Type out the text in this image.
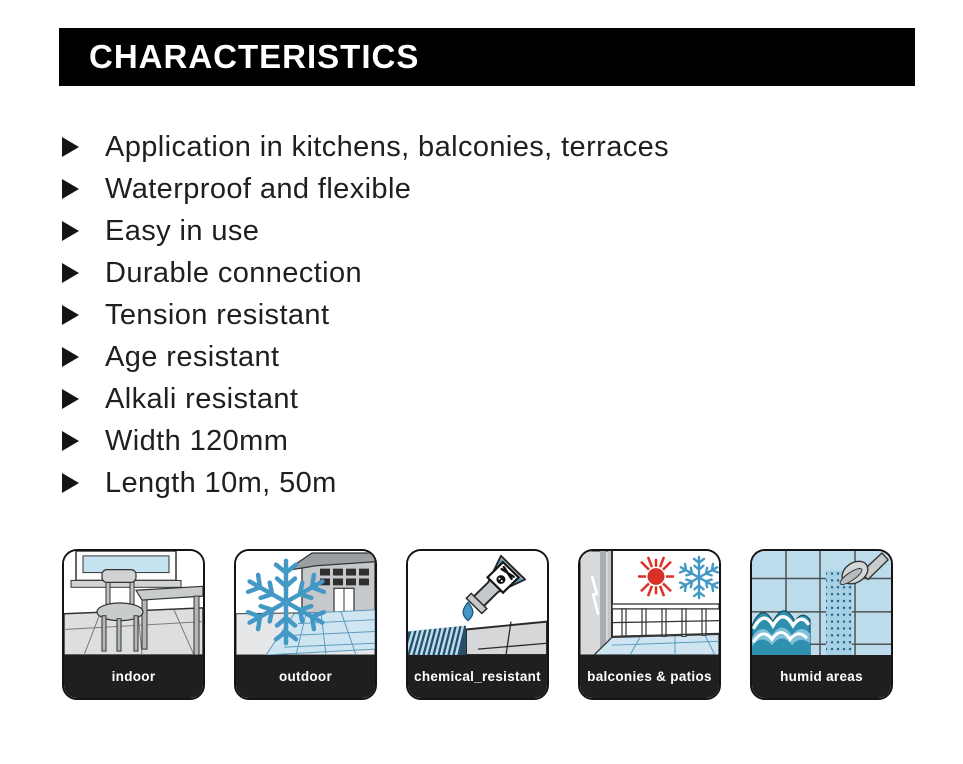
CHARACTERISTICS
Application in kitchens, balconies, terraces
Waterproof and flexible
Easy in use
Durable connection
Tension resistant
Age resistant
Alkali resistant
Width 120mm
Length 10m, 50m
indoor	outdoor	chemical_resistant	balconies & patios	humid areas
